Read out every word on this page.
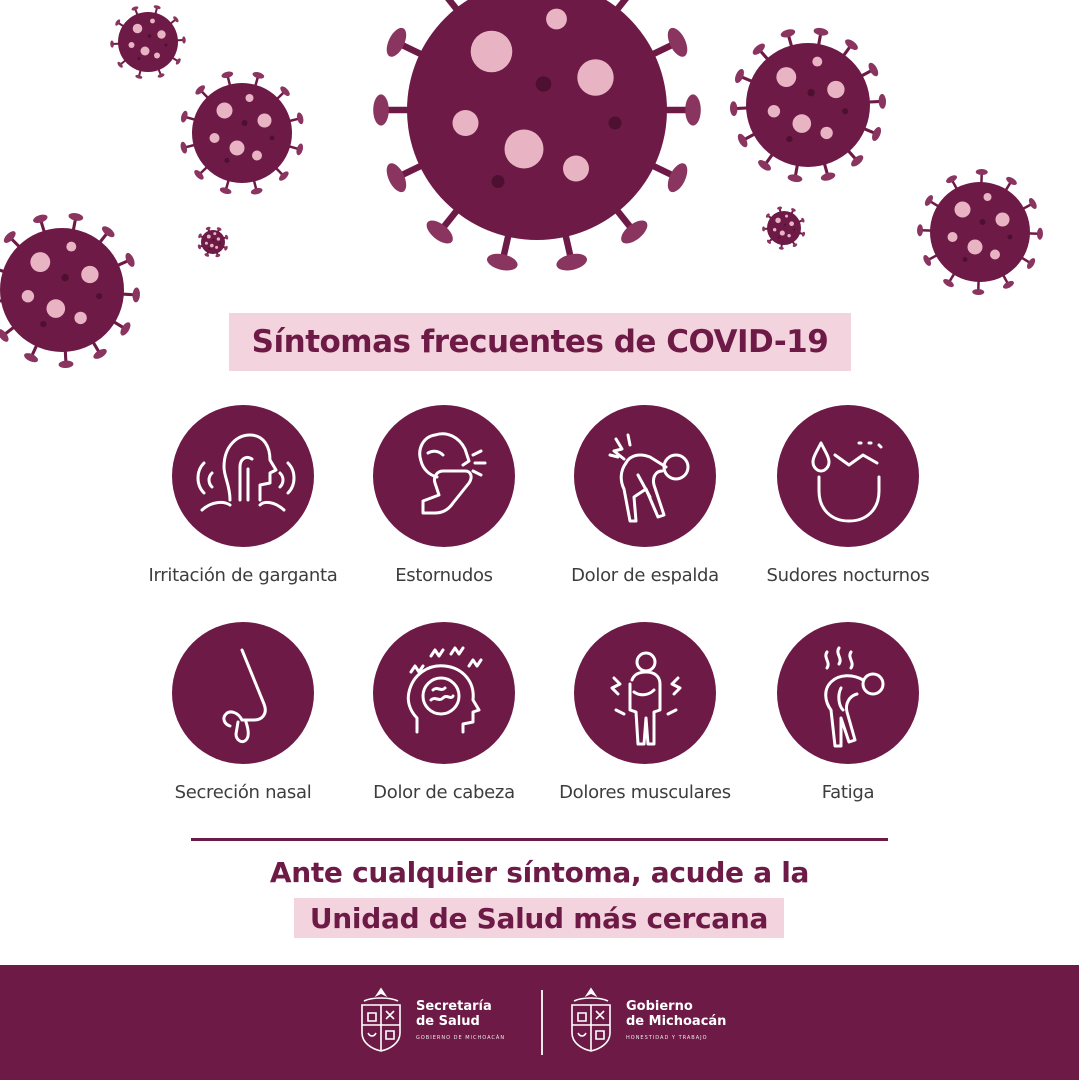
Síntomas frecuentes de COVID-19
Irritación de garganta	Estornudos	Dolor de espalda	Sudores nocturnos
Secreción nasal	Dolor de cabeza	Dolores musculares	Fatiga
Ante cualquier síntoma, acude a la
Unidad de Salud más cercana
Secretaría
de Salud
GOBIERNO DE MICHOACÁN
Gobierno
de Michoacán
HONESTIDAD Y TRABAJO
